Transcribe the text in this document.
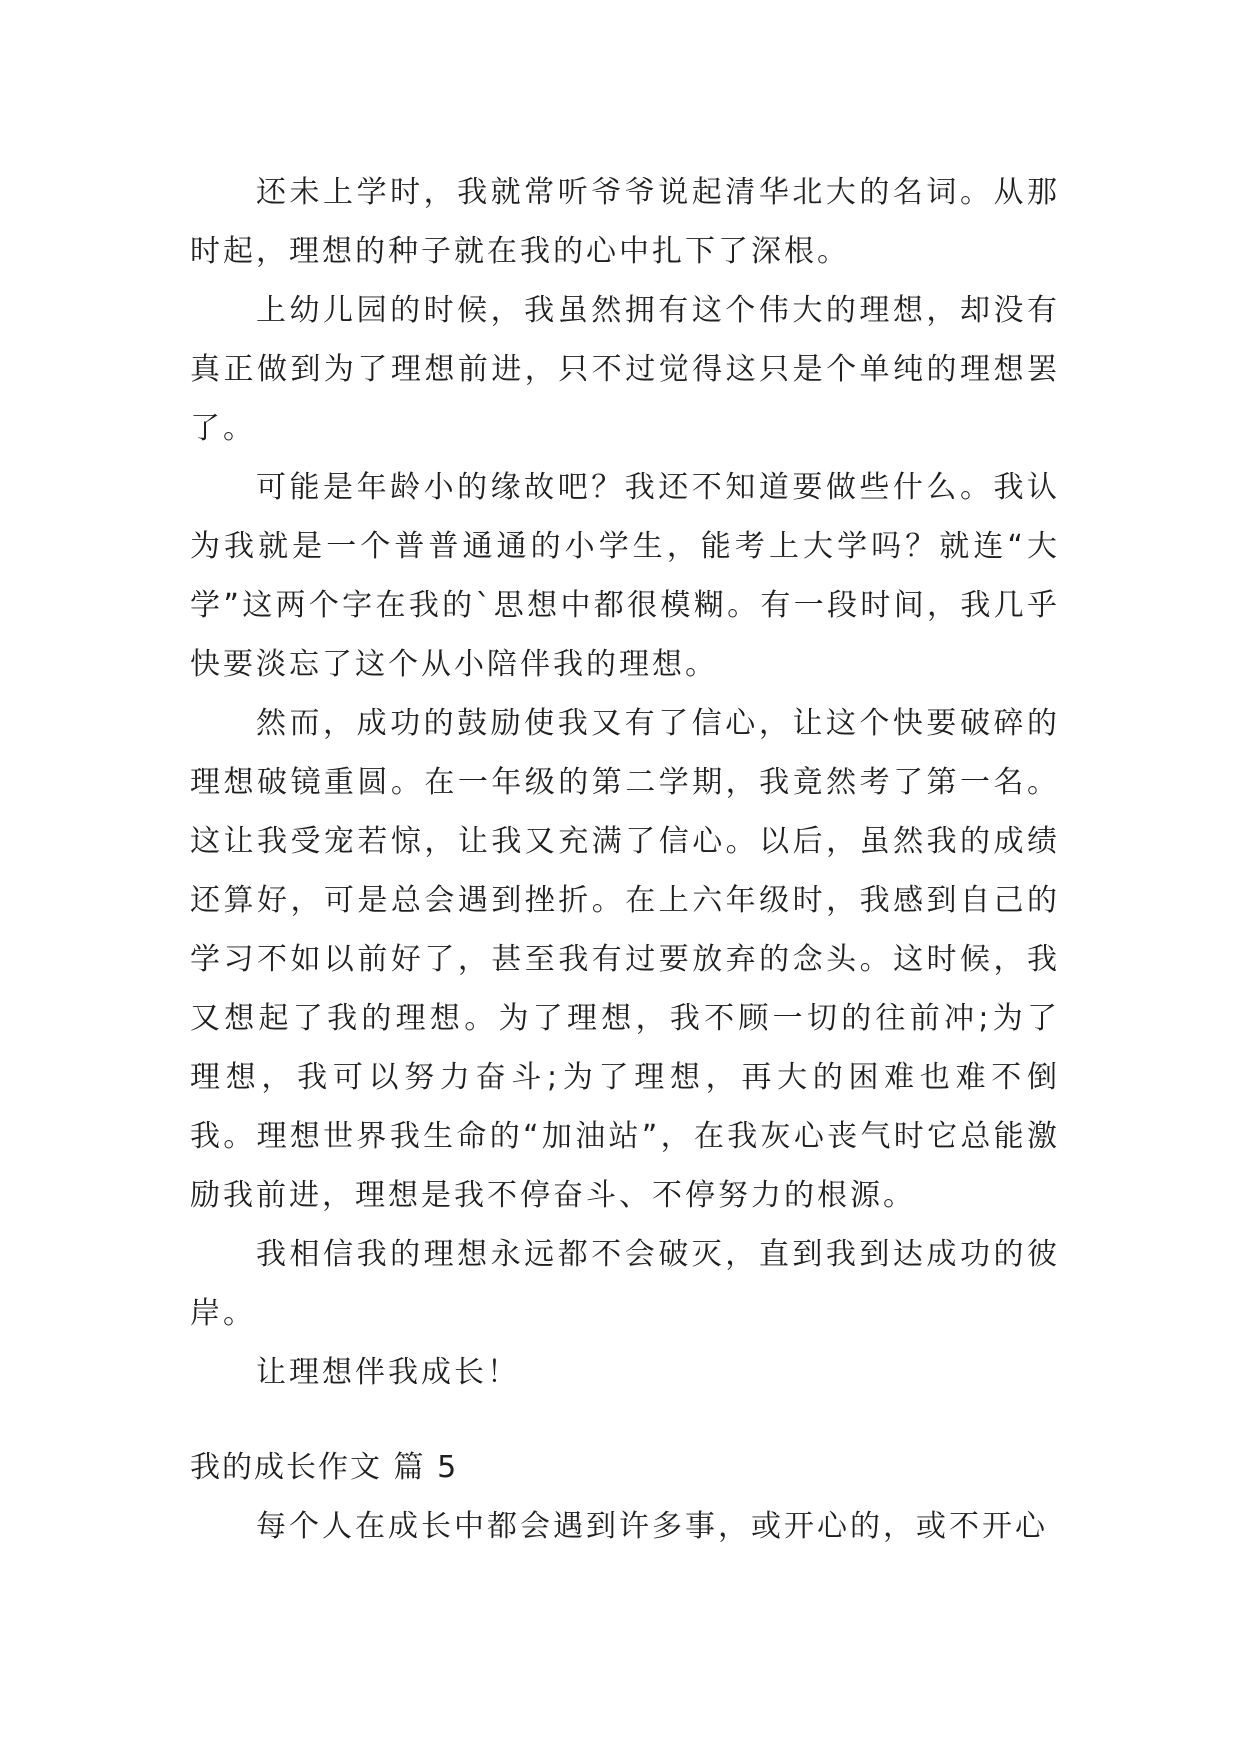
还未上学时，我就常听爷爷说起清华北大的名词。从那时起，理想的种子就在我的心中扎下了深根。

上幼儿园的时候，我虽然拥有这个伟大的理想，却没有真正做到为了理想前进，只不过觉得这只是个单纯的理想罢了。

可能是年龄小的缘故吧？我还不知道要做些什么。我认为我就是一个普普通通的小学生，能考上大学吗？就连“大学”这两个字在我的`思想中都很模糊。有一段时间，我几乎快要淡忘了这个从小陪伴我的理想。

然而，成功的鼓励使我又有了信心，让这个快要破碎的理想破镜重圆。在一年级的第二学期，我竟然考了第一名。这让我受宠若惊，让我又充满了信心。以后，虽然我的成绩还算好，可是总会遇到挫折。在上六年级时，我感到自己的学习不如以前好了，甚至我有过要放弃的念头。这时候，我又想起了我的理想。为了理想，我不顾一切的往前冲;为了理想，我可以努力奋斗;为了理想，再大的困难也难不倒我。理想世界我生命的“加油站”，在我灰心丧气时它总能激励我前进，理想是我不停奋斗、不停努力的根源。

我相信我的理想永远都不会破灭，直到我到达成功的彼岸。

让理想伴我成长！

我的成长作文 篇 5

每个人在成长中都会遇到许多事，或开心的，或不开心
